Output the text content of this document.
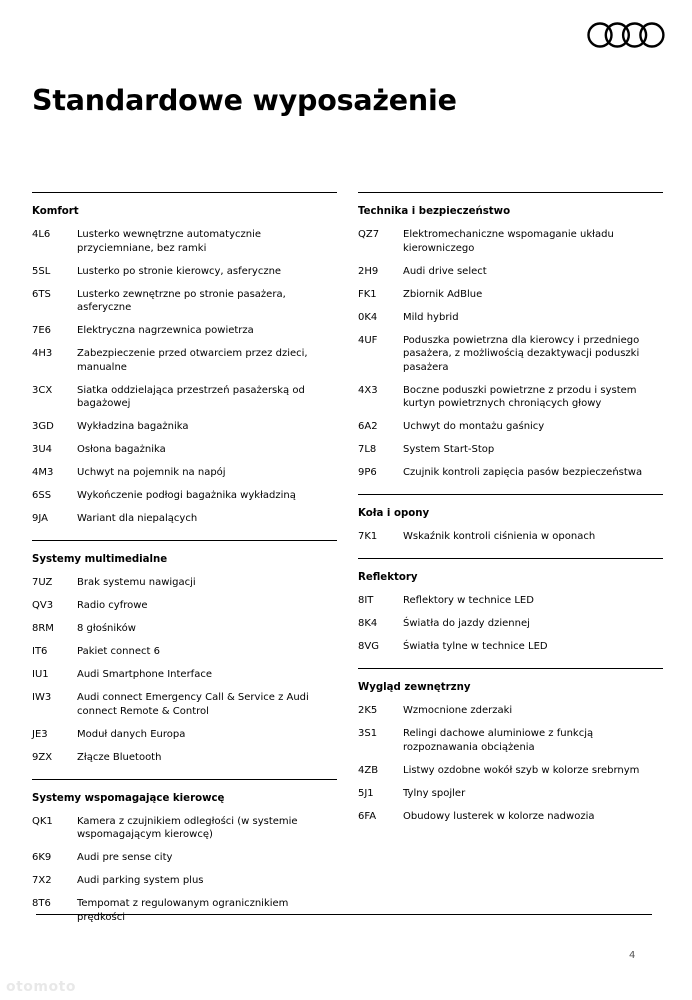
Standardowe wyposażenie
Komfort
4L6	Lusterko wewnętrzne automatycznie przyciemniane, bez ramki
5SL	Lusterko po stronie kierowcy, asferyczne
6TS	Lusterko zewnętrzne po stronie pasażera, asferyczne
7E6	Elektryczna nagrzewnica powietrza
4H3	Zabezpieczenie przed otwarciem przez dzieci, manualne
3CX	Siatka oddzielająca przestrzeń pasażerską od bagażowej
3GD	Wykładzina bagażnika
3U4	Osłona bagażnika
4M3	Uchwyt na pojemnik na napój
6SS	Wykończenie podłogi bagażnika wykładziną
9JA	Wariant dla niepalących
Systemy multimedialne
7UZ	Brak systemu nawigacji
QV3	Radio cyfrowe
8RM	8 głośników
IT6	Pakiet connect 6
IU1	Audi Smartphone Interface
IW3	Audi connect Emergency Call & Service z Audi connect Remote & Control
JE3	Moduł danych Europa
9ZX	Złącze Bluetooth
Systemy wspomagające kierowcę
QK1	Kamera z czujnikiem odległości (w systemie wspomagającym kierowcę)
6K9	Audi pre sense city
7X2	Audi parking system plus
8T6	Tempomat z regulowanym ogranicznikiem prędkości
Technika i bezpieczeństwo
QZ7	Elektromechaniczne wspomaganie układu kierowniczego
2H9	Audi drive select
FK1	Zbiornik AdBlue
0K4	Mild hybrid
4UF	Poduszka powietrzna dla kierowcy i przedniego pasażera, z możliwością dezaktywacji poduszki pasażera
4X3	Boczne poduszki powietrzne z przodu i system kurtyn powietrznych chroniących głowy
6A2	Uchwyt do montażu gaśnicy
7L8	System Start-Stop
9P6	Czujnik kontroli zapięcia pasów bezpieczeństwa
Koła i opony
7K1	Wskaźnik kontroli ciśnienia w oponach
Reflektory
8IT	Reflektory w technice LED
8K4	Światła do jazdy dziennej
8VG	Światła tylne w technice LED
Wygląd zewnętrzny
2K5	Wzmocnione zderzaki
3S1	Relingi dachowe aluminiowe z funkcją rozpoznawania obciążenia
4ZB	Listwy ozdobne wokół szyb w kolorze srebrnym
5J1	Tylny spojler
6FA	Obudowy lusterek w kolorze nadwozia
4
otomoto
